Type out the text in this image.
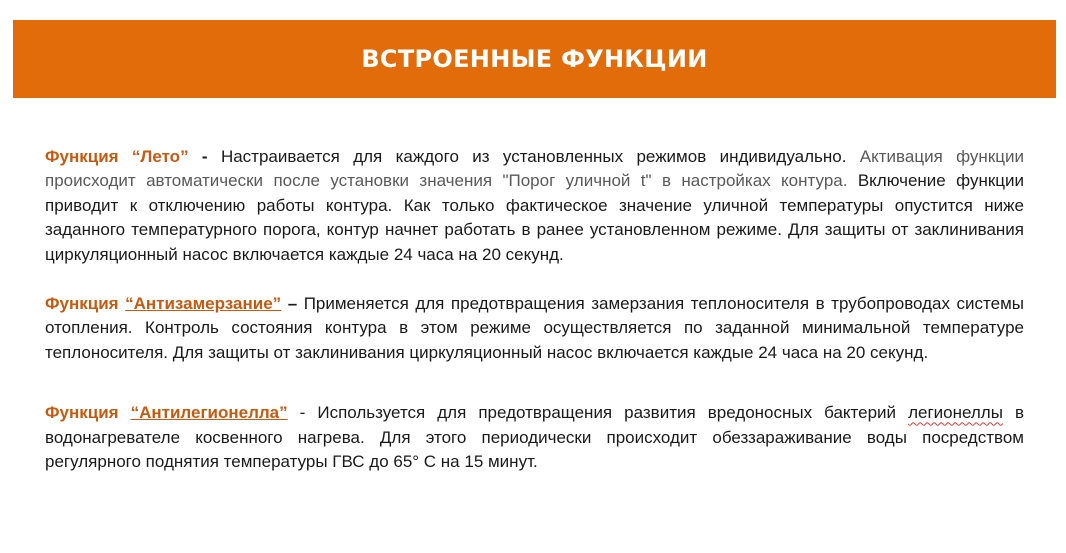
ВСТРОЕННЫЕ ФУНКЦИИ

Функция “Лето” - Настраивается для каждого из установленных режимов индивидуально. Активация функции происходит автоматически после установки значения "Порог уличной t" в настройках контура. Включение функции приводит к отключению работы контура. Как только фактическое значение уличной температуры опустится ниже заданного температурного порога, контур начнет работать в ранее установленном режиме. Для защиты от заклинивания циркуляционный насос включается каждые 24 часа на 20 секунд.

Функция “Антизамерзание” – Применяется для предотвращения замерзания теплоносителя в трубопроводах системы отопления. Контроль состояния контура в этом режиме осуществляется по заданной минимальной температуре теплоносителя. Для защиты от заклинивания циркуляционный насос включается каждые 24 часа на 20 секунд.

Функция “Антилегионелла” - Используется для предотвращения развития вредоносных бактерий легионеллы в водонагревателе косвенного нагрева. Для этого периодически происходит обеззараживание воды посредством регулярного поднятия температуры ГВС до 65° С на 15 минут.
